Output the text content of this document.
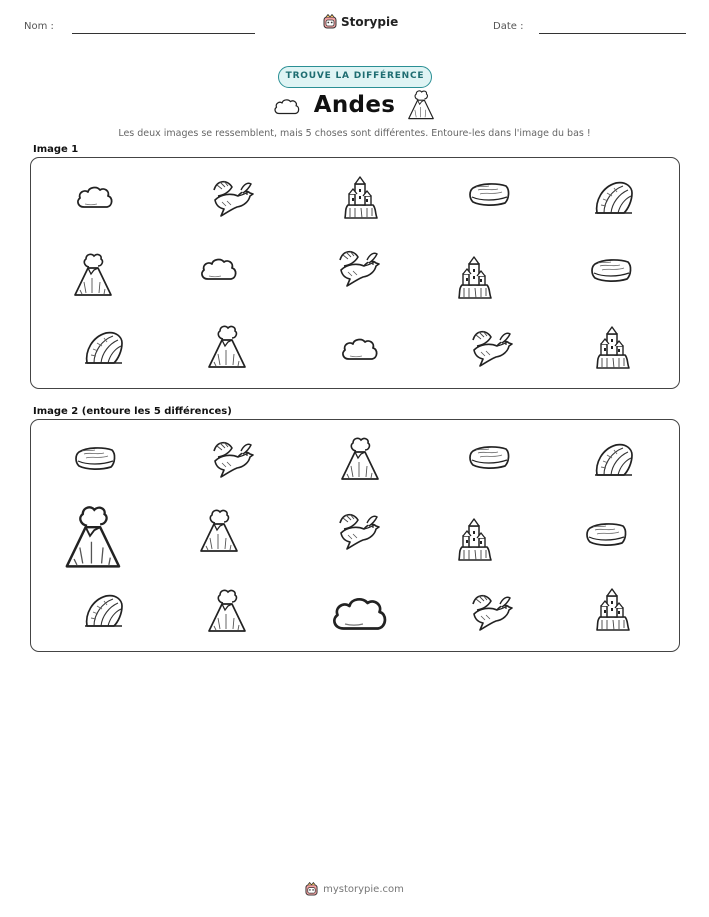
Nom :	Storypie	Date :
TROUVE LA DIFFÉRENCE
Andes
Les deux images se ressemblent, mais 5 choses sont différentes. Entoure-les dans l'image du bas !
Image 1
Image 2 (entoure les 5 différences)
mystorypie.com
